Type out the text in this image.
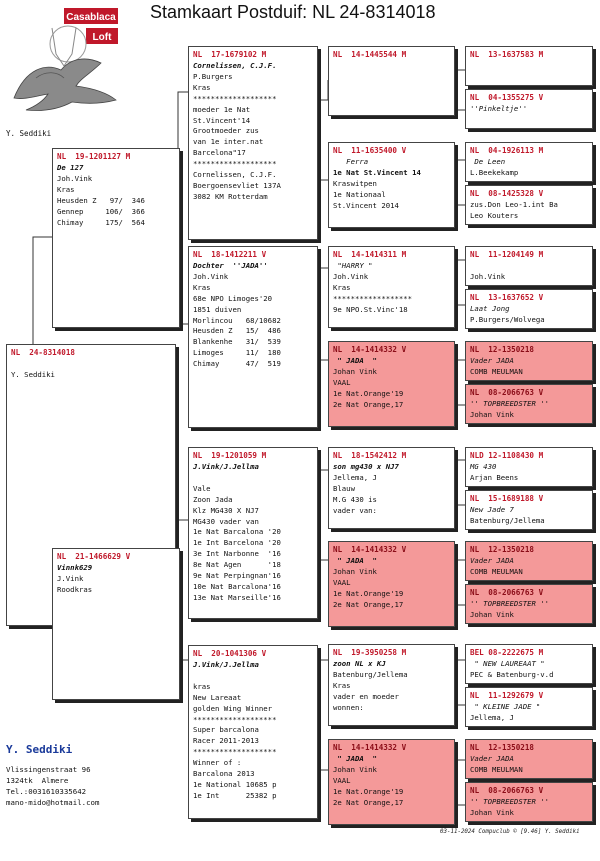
Stamkaart Postduif: NL 24-8314018
Casablaca
Loft
Y. Seddiki
NL  24-8314018
Y. Seddiki
NL  19-1201127 M
De 127
Joh.Vink
Kras
Heusden Z   97/  346
Gennep     106/  366
Chimay     175/  564
NL  21-1466629 V
Vinnk629
J.Vink
Roodkras
NL  17-1679102 M
Cornelissen, C.J.F.
P.Burgers
Kras
*******************
moeder 1e Nat
St.Vincent'14
Grootmoeder zus
van 1e inter.nat
Barcelona"17
*******************
Cornelissen, C.J.F.
Boergoensevliet 137A
3082 KM Rotterdam
NL  18-1412211 V
Dochter  ''JADA''
Joh.Vink
Kras
68e NPO Limoges'20
1851 duiven
Morlincou   68/10682
Heusden Z   15/  486
Blankenhe   31/  539
Limoges     11/  180
Chimay      47/  519
NL  19-1201059 M
J.Vink/J.Jellma
Vale
Zoon Jada
Klz MG430 X NJ7
MG430 vader van
1e Nat Barcalona '20
1e Int Barcelona '20
3e Int Narbonne  '16
8e Nat Agen      '18
9e Nat Perpingnan'16
10e Nat Barcalona'16
13e Nat Marseille'16
NL  20-1041306 V
J.Vink/J.Jellma
kras
New Lareaat
golden Wing Winner
*******************
Super barcalona
Racer 2011-2013
*******************
Winner of :
Barcalona 2013
1e National 10685 p
1e Int      25382 p
NL  14-1445544 M
NL  11-1635400 V
Ferra
1e Nat St.Vincent 14
Kraswitpen
1e Nationaal
St.Vincent 2014
NL  14-1414311 M
"HARRY "
Joh.Vink
Kras
******************
9e NPO.St.Vinc'18
NL  14-1414332 V
" JADA  "
Johan Vink
VAAL
1e Nat.Orange'19
2e Nat Orange,17
NL  18-1542412 M
son mg430 x NJ7
Jellema, J
Blauw
M.G 430 is
vader van:
NL  14-1414332 V
" JADA  "
Johan Vink
VAAL
1e Nat.Orange'19
2e Nat Orange,17
NL  19-3950258 M
zoon NL x KJ
Batenburg/Jellema
Kras
vader en moeder
wonnen:
NL  14-1414332 V
" JADA  "
Johan Vink
VAAL
1e Nat.Orange'19
2e Nat Orange,17
NL  13-1637583 M
NL  04-1355275 V
''Pinkeltje''
NL  04-1926113 M
De Leen
L.Beekekamp
NL  08-1425328 V
zus.Don Leo-1.int Ba
Leo Kouters
NL  11-1204149 M
Joh.Vink
NL  13-1637652 V
Laat Jong
P.Burgers/Wolvega
NL  12-1350218
Vader JADA
COMB MEULMAN
NL  08-2066763 V
'' TOPBREEDSTER ''
Johan Vink
NLD 12-1108430 M
MG 430
Arjan Beens
NL  15-1689188 V
New Jade 7
Batenburg/Jellema
NL  12-1350218
Vader JADA
COMB MEULMAN
NL  08-2066763 V
'' TOPBREEDSTER ''
Johan Vink
BEL 08-2222675 M
" NEW LAUREAAT "
PEC & Batenburg-v.d
NL  11-1292679 V
" KLEINE JADE "
Jellema, J
NL  12-1350218
Vader JADA
COMB MEULMAN
NL  08-2066763 V
'' TOPBREEDSTER ''
Johan Vink
Y. Seddiki
Vlissingenstraat 96
1324tk  Almere
Tel.:0031610335642
mano-mido@hotmail.com
03-11-2024 Compuclub © [9.46] Y. Seddiki
